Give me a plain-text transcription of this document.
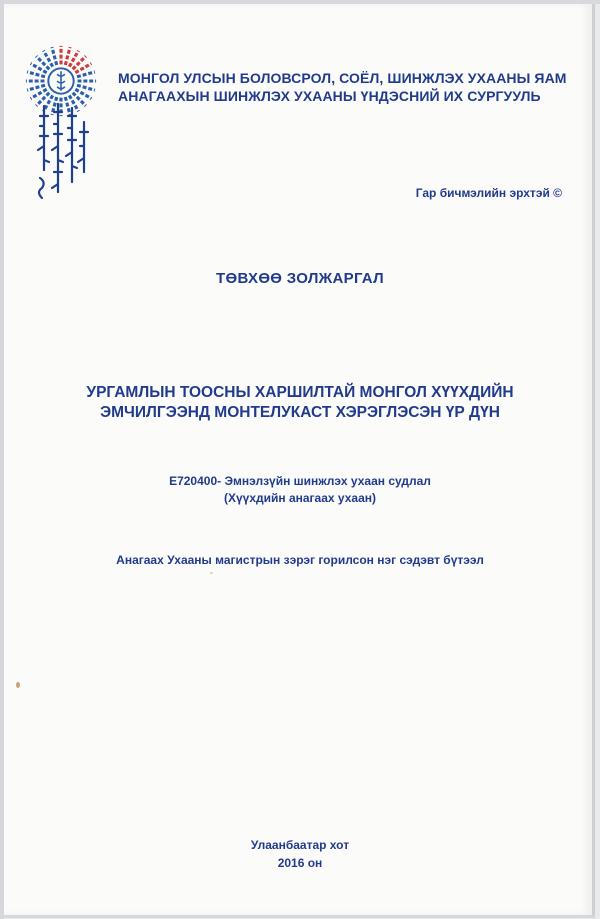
МОНГОЛ УЛСЫН БОЛОВСРОЛ, СОЁЛ, ШИНЖЛЭХ УХААНЫ ЯАМ
АНАГААХЫН ШИНЖЛЭХ УХААНЫ ҮНДЭСНИЙ ИХ СУРГУУЛЬ
Гар бичмэлийн эрхтэй ©
ТӨВХӨӨ ЗОЛЖАРГАЛ
УРГАМЛЫН ТООСНЫ ХАРШИЛТАЙ МОНГОЛ ХҮҮХДИЙН
ЭМЧИЛГЭЭНД МОНТЕЛУКАСТ ХЭРЭГЛЭСЭН ҮР ДҮН
Е720400- Эмнэлзүйн шинжлэх ухаан судлал
(Хүүхдийн анагаах ухаан)
Анагаах Ухааны магистрын зэрэг горилсон нэг сэдэвт бүтээл
Улаанбаатар хот
2016 он
